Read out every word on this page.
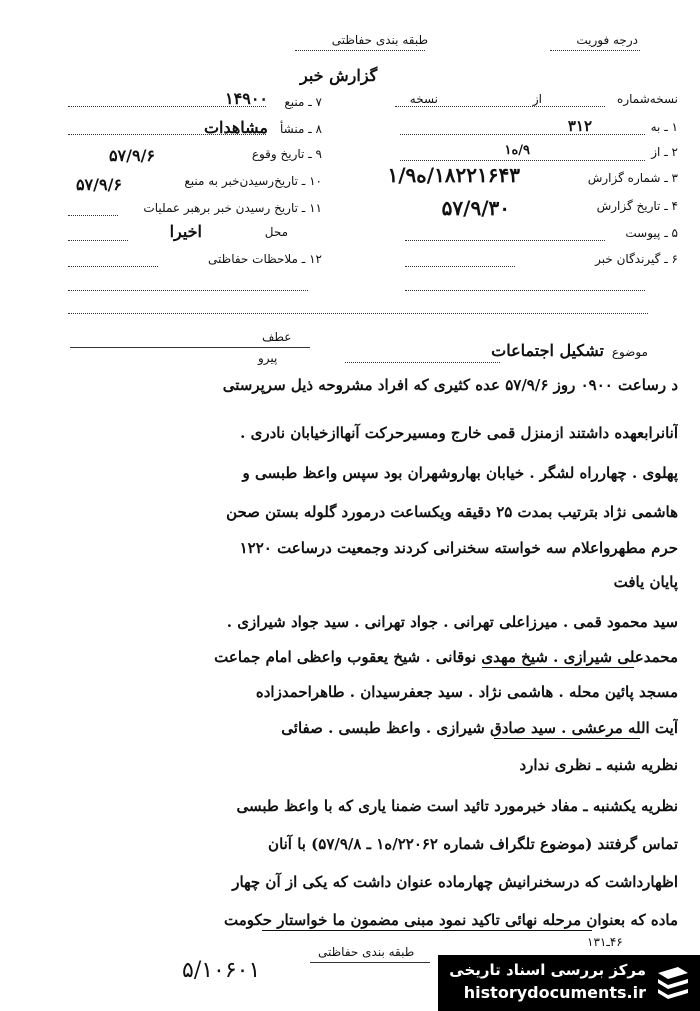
درجه فوریت
طبقه بندی حفاظتی
گزارش خبر
نسخه‌شماره
از
نسخه
۱ ـ به
۳۱۲
۲ ـ از
۹/ه۱
۳ ـ شماره گزارش
۱۸۲۲۱۶۴۳/ه۱/۹
۴ ـ تاریخ گزارش
۵۷/۹/۳۰
۵ ـ پیوست
۶ ـ گیرندگان خبر
۷ ـ منبع
۱۴۹۰۰
۸ ـ منشأ
مشاهدات
۹ ـ تاریخ وقوع
۵۷/۹/۶
۱۰ ـ تاریخ‌رسیدن‌خبر به منبع
۵۷/۹/۶
۱۱ ـ تاریخ رسیدن خبر برهبر عملیات
محل
اخیرا
۱۲ ـ ملاحظات حفاظتی
عطف
پیرو	موضوع
تشکیل اجتماعات
د رساعت ۰۹۰۰ روز ۵۷/۹/۶ عده کثیری که افراد مشروحه ذیل سرپرستی
آنانرابعهده داشتند ازمنزل قمی خارج ومسیرحرکت آنهاازخیابان نادری .
پهلوی . چهارراه لشگر . خیابان بهاروشهران بود سپس واعظ طبسی و
هاشمی نژاد بترتیب بمدت ۲۵ دقیقه ویکساعت درمورد گلوله بستن صحن
حرم مطهرواعلام سه خواسته سخنرانی کردند وجمعیت درساعت ۱۲۲۰
پایان یافت
سید محمود قمی . میرزاعلی تهرانی . جواد تهرانی . سید جواد شیرازی .
محمدعلی شیرازی . شیخ مهدی نوقانی . شیخ یعقوب واعظی امام جماعت
مسجد پائین محله . هاشمی نژاد . سید جعفرسیدان . طاهراحمدزاده
آیت الله مرعشی . سید صادق شیرازی . واعظ طبسی . صفائی
نظریه شنبه ـ نظری ندارد
نظریه یکشنبه ـ مفاد خبرمورد تائید است ضمنا یاری که با واعظ طبسی
تماس گرفتند (موضوع تلگراف شماره ۲۲۰۶۲/ه۱ ـ ۵۷/۹/۸) با آنان
اظهارداشت که درسخنرانیش چهارماده عنوان داشت که یکی از آن چهار
ماده که بعنوان مرحله نهائی تاکید نمود مبنی مضمون ما خواستار حکومت
۴۶ـ۱۳۱
طبقه بندی حفاظتی
۵/۱۰۶۰۱	مرکز بررسی اسناد تاریخی
historydocuments.ir
